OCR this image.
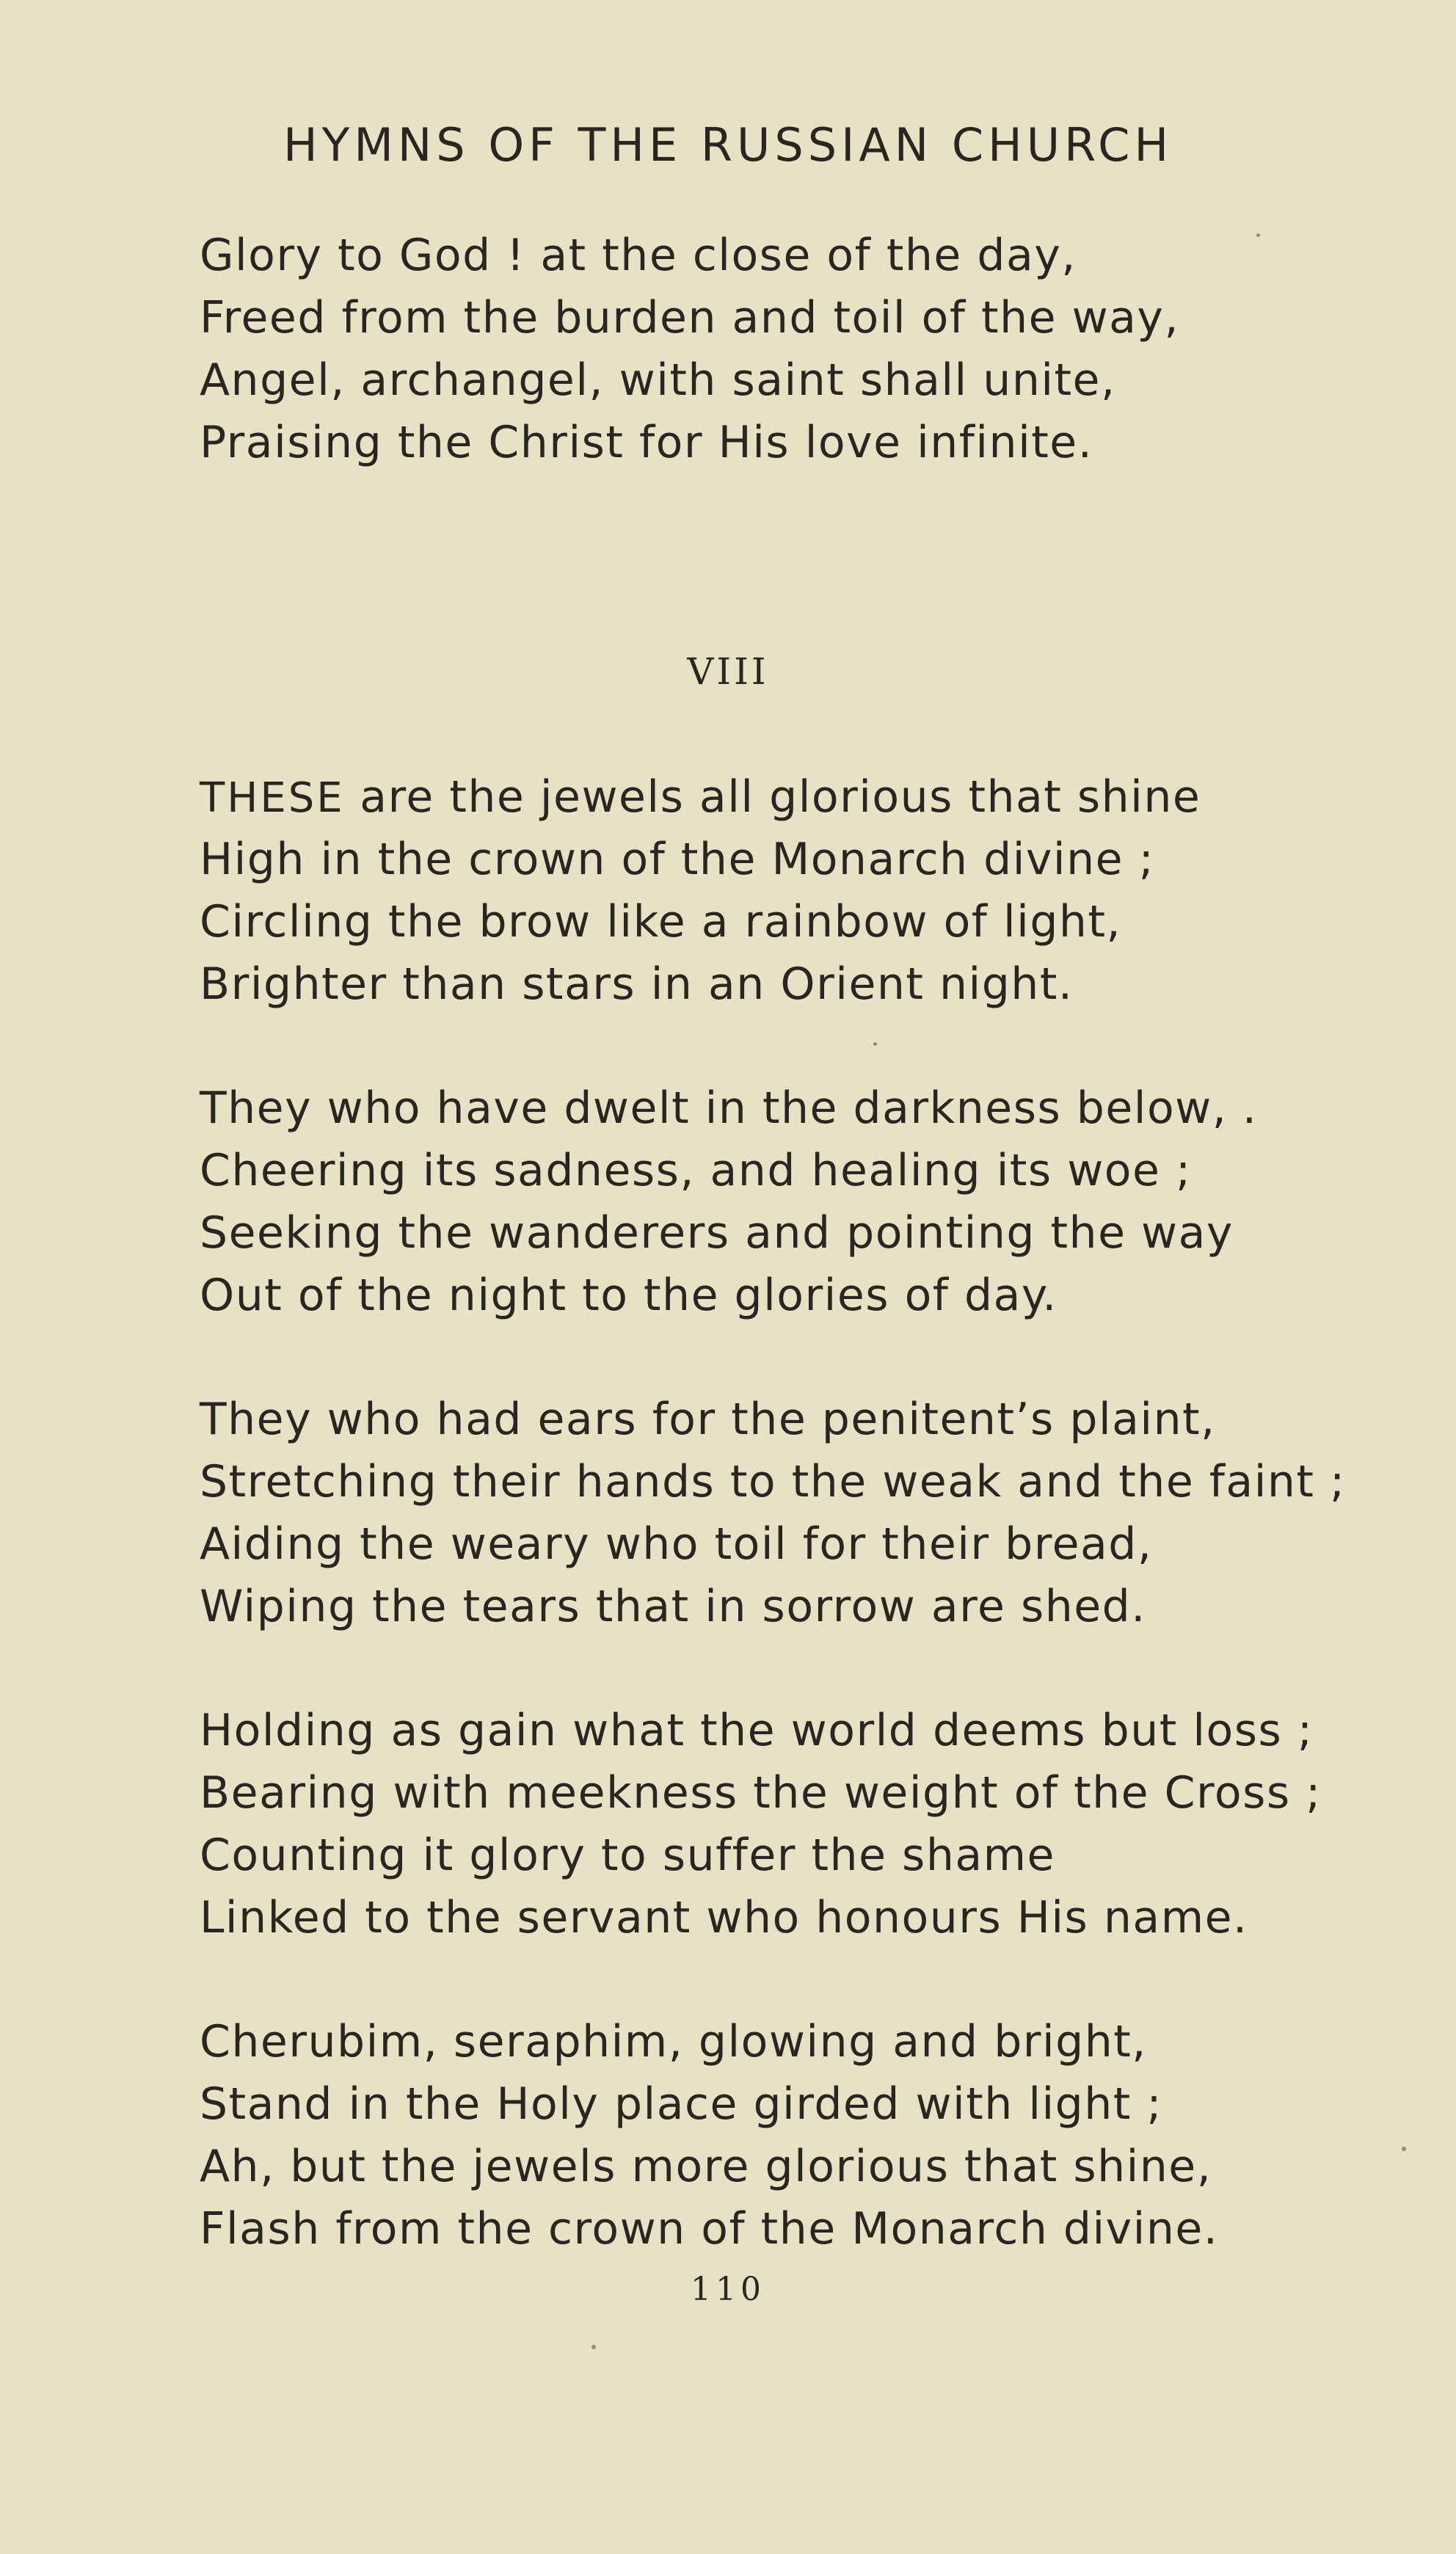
HYMNS OF THE RUSSIAN CHURCH
Glory to God ! at the close of the day,
Freed from the burden and toil of the way,
Angel, archangel, with saint shall unite,
Praising the Christ for His love infinite.
VIII
THESE are the jewels all glorious that shine
High in the crown of the Monarch divine ;
Circling the brow like a rainbow of light,
Brighter than stars in an Orient night.
They who have dwelt in the darkness below, .
Cheering its sadness, and healing its woe ;
Seeking the wanderers and pointing the way
Out of the night to the glories of day.
They who had ears for the penitent’s plaint,
Stretching their hands to the weak and the faint ;
Aiding the weary who toil for their bread,
Wiping the tears that in sorrow are shed.
Holding as gain what the world deems but loss ;
Bearing with meekness the weight of the Cross ;
Counting it glory to suffer the shame
Linked to the servant who honours His name.
Cherubim, seraphim, glowing and bright,
Stand in the Holy place girded with light ;
Ah, but the jewels more glorious that shine,
Flash from the crown of the Monarch divine.
110
